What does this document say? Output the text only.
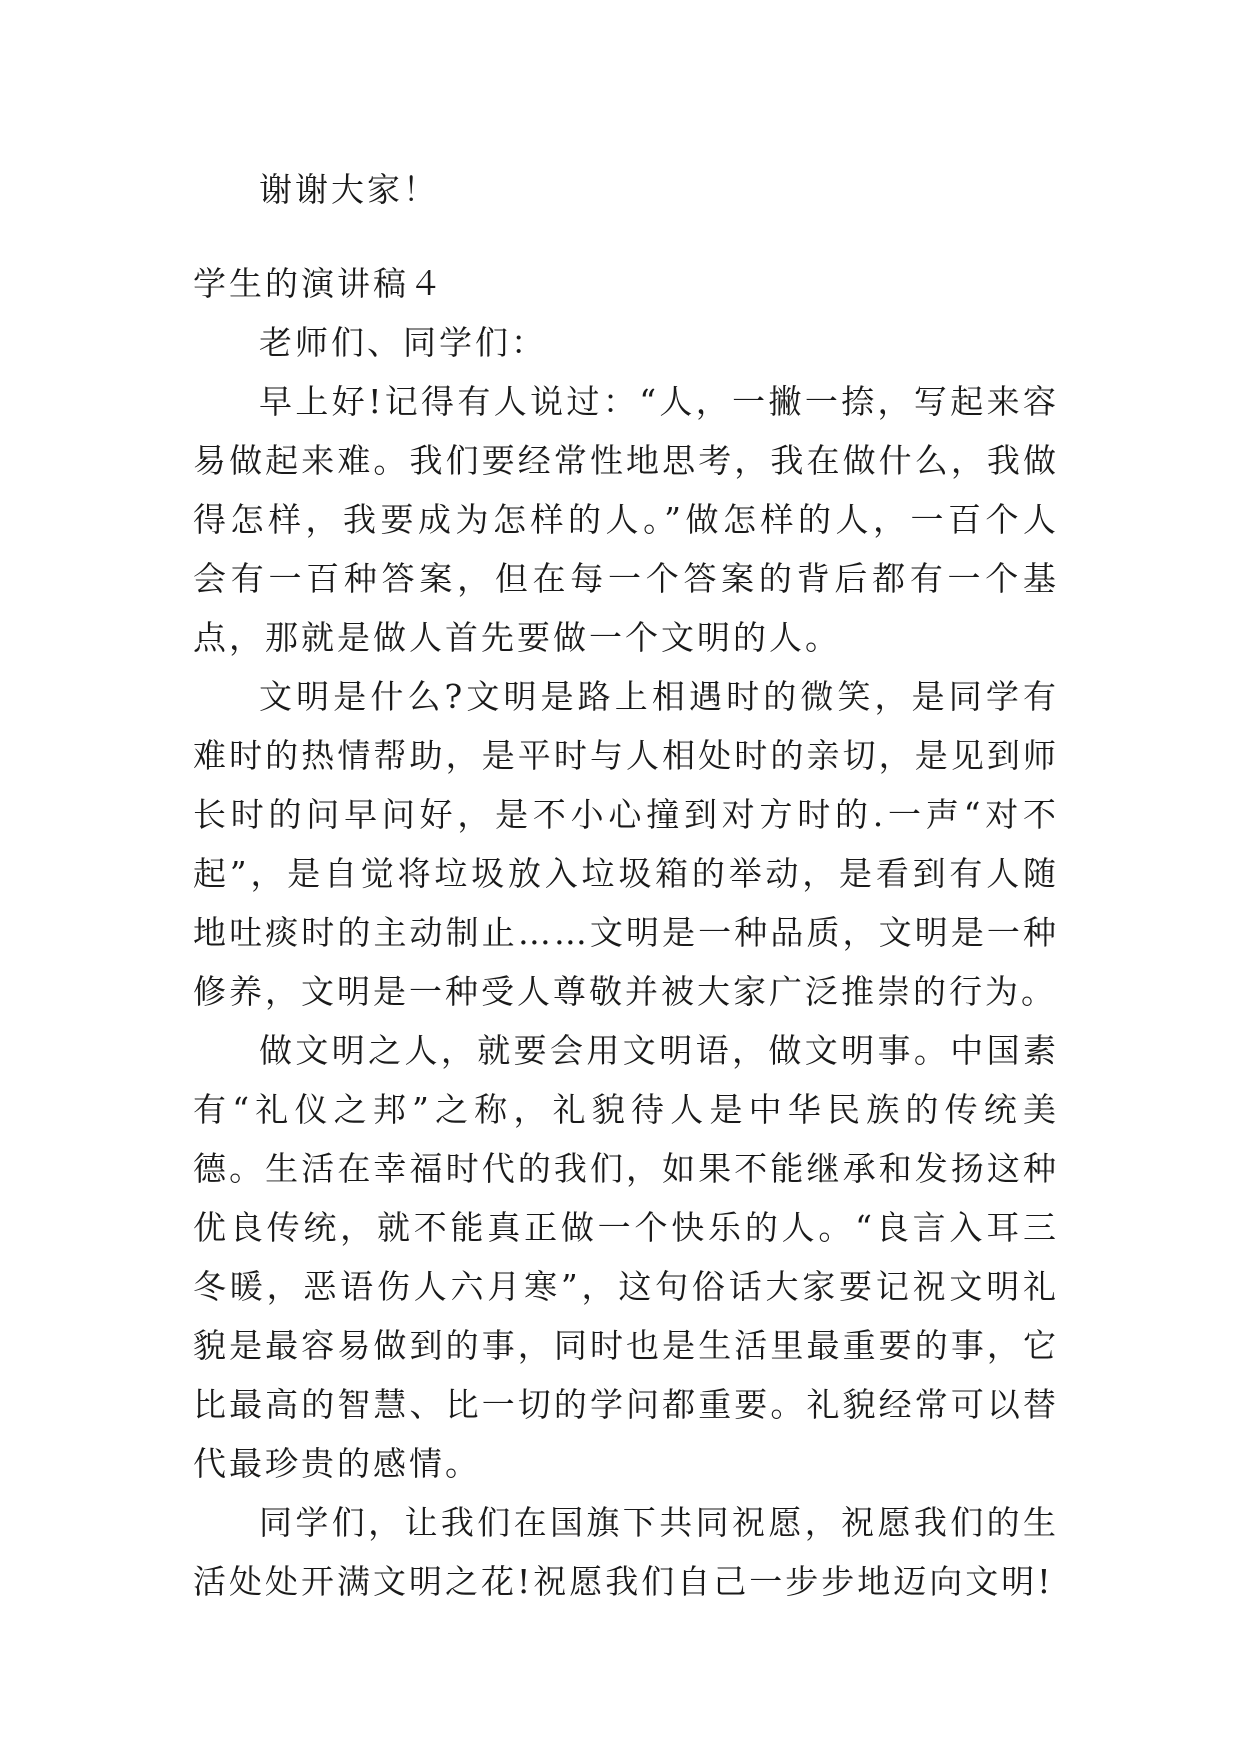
谢谢大家！

学生的演讲稿４

老师们、同学们：

早上好!记得有人说过：“人，一撇一捺，写起来容易做起来难。我们要经常性地思考，我在做什么，我做得怎样，我要成为怎样的人。”做怎样的人，一百个人会有一百种答案，但在每一个答案的背后都有一个基点，那就是做人首先要做一个文明的人。

文明是什么?文明是路上相遇时的微笑，是同学有难时的热情帮助，是平时与人相处时的亲切，是见到师长时的问早问好，是不小心撞到对方时的.一声“对不起”，是自觉将垃圾放入垃圾箱的举动，是看到有人随地吐痰时的主动制止……文明是一种品质，文明是一种修养，文明是一种受人尊敬并被大家广泛推崇的行为。

做文明之人，就要会用文明语，做文明事。中国素有“礼仪之邦”之称，礼貌待人是中华民族的传统美德。生活在幸福时代的我们，如果不能继承和发扬这种优良传统，就不能真正做一个快乐的人。“良言入耳三冬暖，恶语伤人六月寒”，这句俗话大家要记祝文明礼貌是最容易做到的事，同时也是生活里最重要的事，它比最高的智慧、比一切的学问都重要。礼貌经常可以替代最珍贵的感情。

同学们，让我们在国旗下共同祝愿，祝愿我们的生活处处开满文明之花!祝愿我们自己一步步地迈向文明!
